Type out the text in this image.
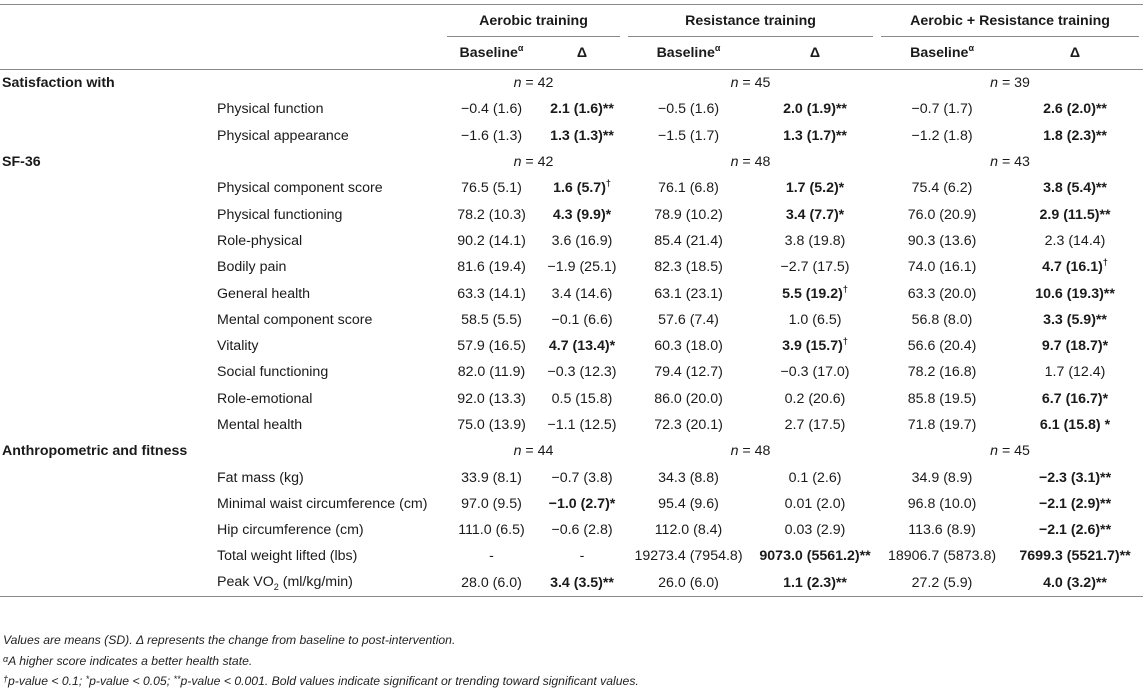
		Aerobic training		Resistance training		Aerobic + Resistance training	
		Baseline$^\alpha$	Δ	Baseline$^\alpha$	Δ	Baseline$^\alpha$	Δ
Satisfaction with		n = 42		n = 45		n = 39	
	Physical function	−0.4 (1.6)	2.1 (1.6)**	−0.5 (1.6)	2.0 (1.9)**	−0.7 (1.7)	2.6 (2.0)**
	Physical appearance	−1.6 (1.3)	1.3 (1.3)**	−1.5 (1.7)	1.3 (1.7)**	−1.2 (1.8)	1.8 (2.3)**
SF-36		n = 42		n = 48		n = 43	
	Physical component score	76.5 (5.1)	1.6 (5.7)†	76.1 (6.8)	1.7 (5.2)*	75.4 (6.2)	3.8 (5.4)**
	Physical functioning	78.2 (10.3)	4.3 (9.9)*	78.9 (10.2)	3.4 (7.7)*	76.0 (20.9)	2.9 (11.5)**
	Role-physical	90.2 (14.1)	3.6 (16.9)	85.4 (21.4)	3.8 (19.8)	90.3 (13.6)	2.3 (14.4)
	Bodily pain	81.6 (19.4)	−1.9 (25.1)	82.3 (18.5)	−2.7 (17.5)	74.0 (16.1)	4.7 (16.1)†
	General health	63.3 (14.1)	3.4 (14.6)	63.1 (23.1)	5.5 (19.2)†	63.3 (20.0)	10.6 (19.3)**
	Mental component score	58.5 (5.5)	−0.1 (6.6)	57.6 (7.4)	1.0 (6.5)	56.8 (8.0)	3.3 (5.9)**
	Vitality	57.9 (16.5)	4.7 (13.4)*	60.3 (18.0)	3.9 (15.7)†	56.6 (20.4)	9.7 (18.7)*
	Social functioning	82.0 (11.9)	−0.3 (12.3)	79.4 (12.7)	−0.3 (17.0)	78.2 (16.8)	1.7 (12.4)
	Role-emotional	92.0 (13.3)	0.5 (15.8)	86.0 (20.0)	0.2 (20.6)	85.8 (19.5)	6.7 (16.7)*
	Mental health	75.0 (13.9)	−1.1 (12.5)	72.3 (20.1)	2.7 (17.5)	71.8 (19.7)	6.1 (15.8) *
Anthropometric and fitness		n = 44		n = 48		n = 45	
	Fat mass (kg)	33.9 (8.1)	−0.7 (3.8)	34.3 (8.8)	0.1 (2.6)	34.9 (8.9)	−2.3 (3.1)**
	Minimal waist circumference (cm)	97.0 (9.5)	−1.0 (2.7)*	95.4 (9.6)	0.01 (2.0)	96.8 (10.0)	−2.1 (2.9)**
	Hip circumference (cm)	111.0 (6.5)	−0.6 (2.8)	112.0 (8.4)	0.03 (2.9)	113.6 (8.9)	−2.1 (2.6)**
	Total weight lifted (lbs)	-	-	19273.4 (7954.8)	9073.0 (5561.2)**	18906.7 (5873.8)	7699.3 (5521.7)**
	Peak $VO_2$ (ml/kg/min)	28.0 (6.0)	3.4 (3.5)**	26.0 (6.0)	1.1 (2.3)**	27.2 (5.9)	4.0 (3.2)**
Values are means (SD). Δ represents the change from baseline to post-intervention.
$^\alpha$A higher score indicates a better health state.
†p-value < 0.1; *p-value < 0.05; **p-value < 0.001. Bold values indicate significant or trending toward significant values.
